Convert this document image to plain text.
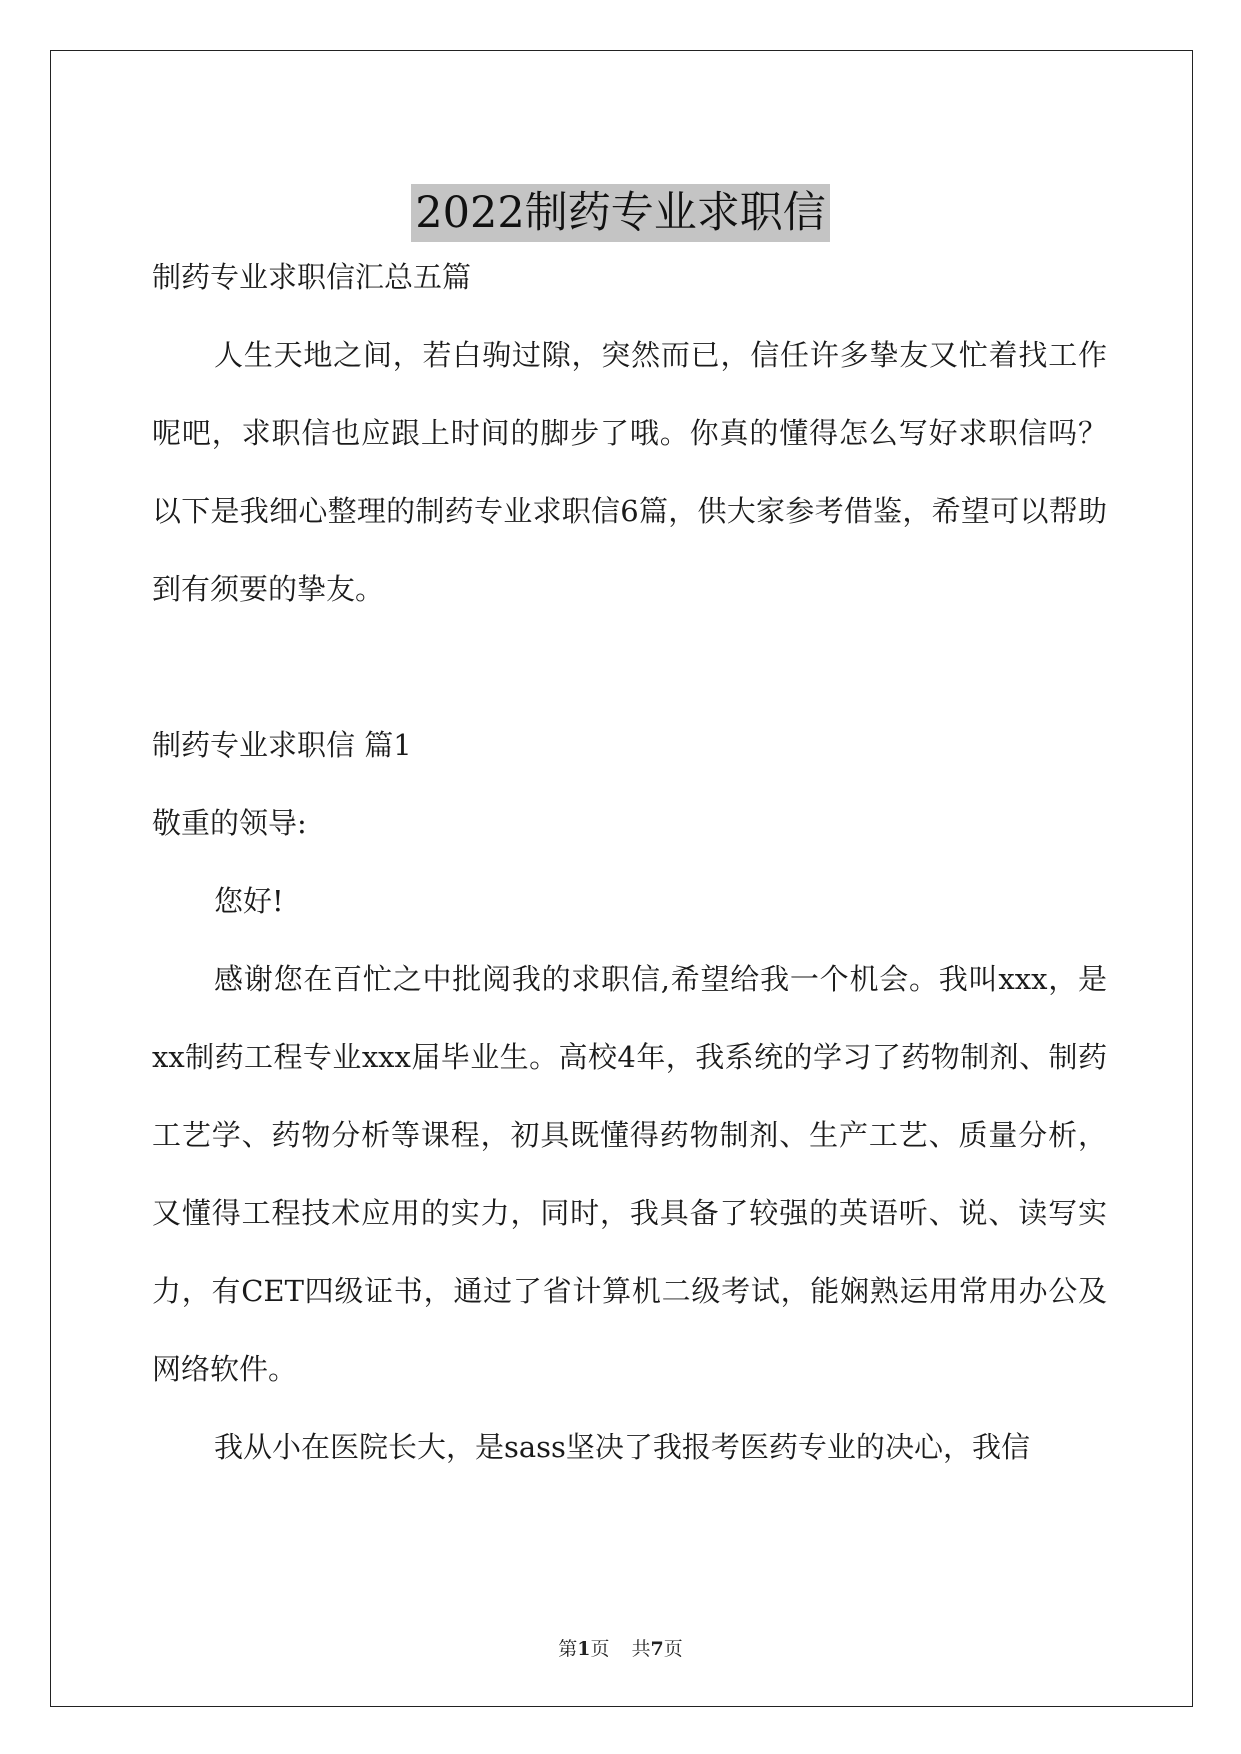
2022制药专业求职信

制药专业求职信汇总五篇

人生天地之间，若白驹过隙，突然而已，信任许多挚友又忙着找工作呢吧，求职信也应跟上时间的脚步了哦。你真的懂得怎么写好求职信吗？以下是我细心整理的制药专业求职信6篇，供大家参考借鉴，希望可以帮助到有须要的挚友。

制药专业求职信 篇1

敬重的领导:

您好!

感谢您在百忙之中批阅我的求职信,希望给我一个机会。我叫xxx，是xx制药工程专业xxx届毕业生。高校4年，我系统的学习了药物制剂、制药工艺学、药物分析等课程，初具既懂得药物制剂、生产工艺、质量分析，又懂得工程技术应用的实力，同时，我具备了较强的英语听、说、读写实力，有CET四级证书，通过了省计算机二级考试，能娴熟运用常用办公及网络软件。

我从小在医院长大，是sass坚决了我报考医药专业的决心，我信

第1页 共7页
